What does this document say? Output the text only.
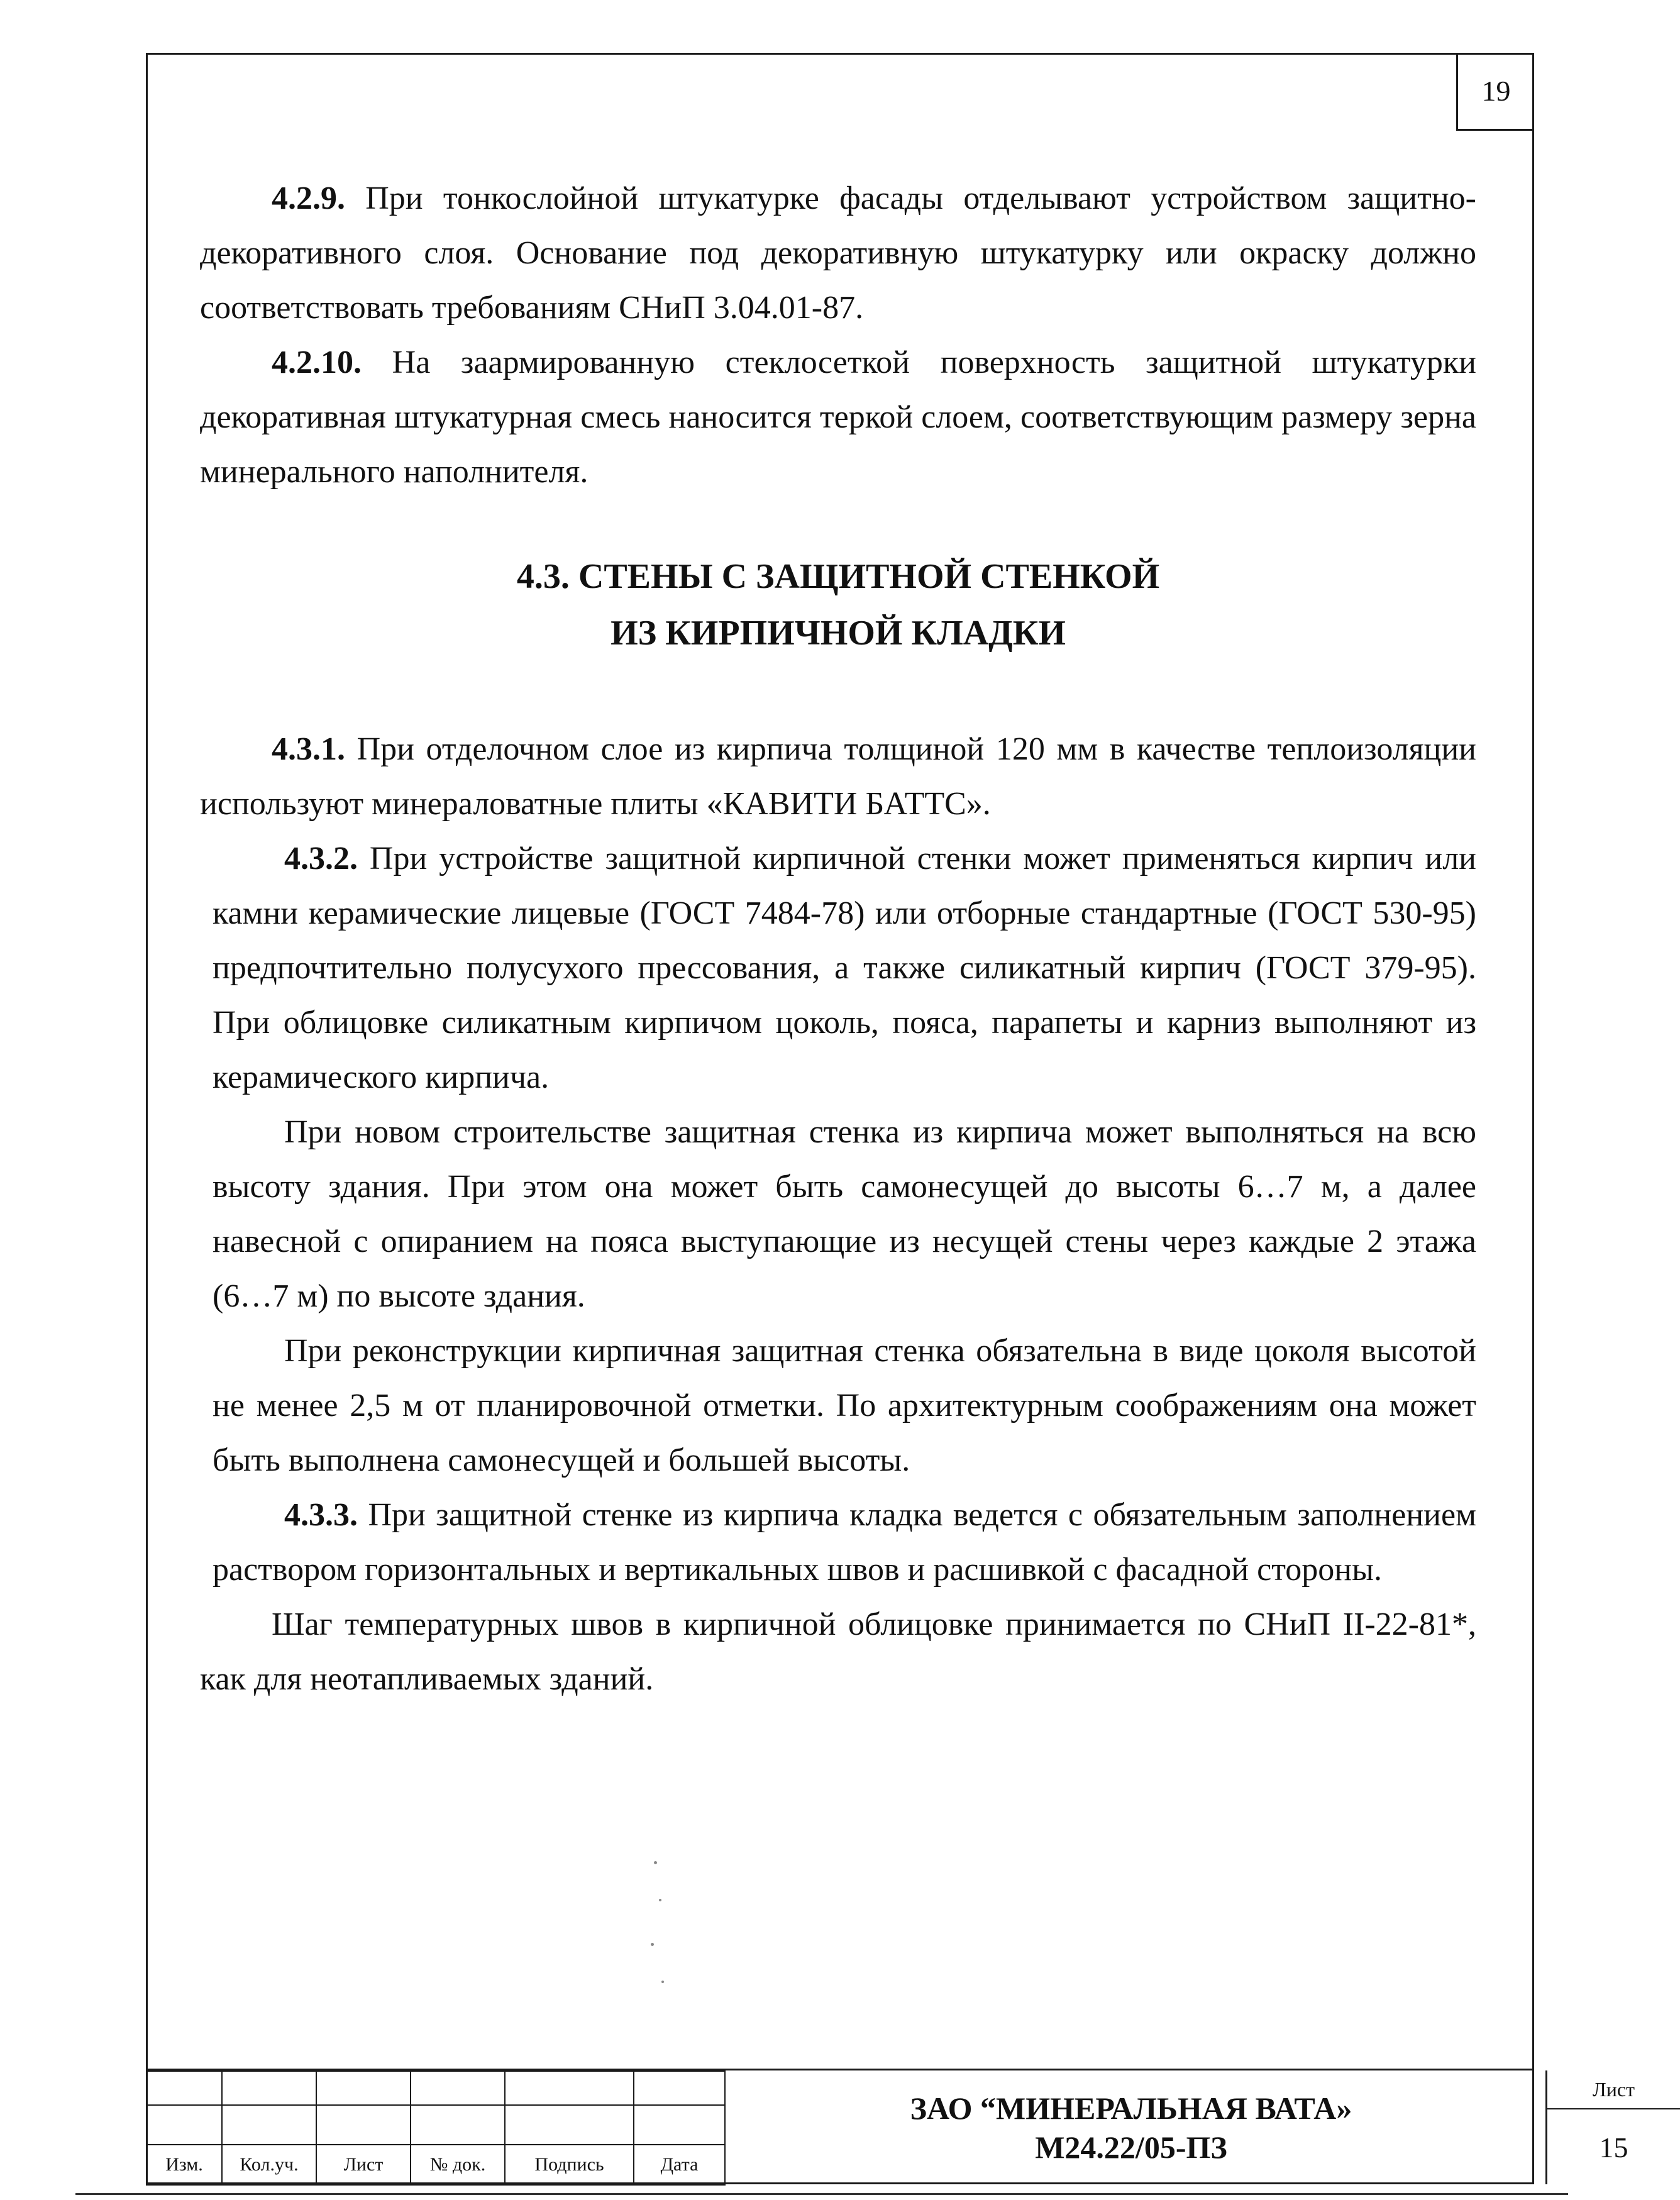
19

4.2.9. При тонкослойной штукатурке фасады отделывают устройством защитно-декоративного слоя. Основание под декоративную штукатурку или окраску должно соответствовать требованиям СНиП 3.04.01-87.

4.2.10. На заармированную стеклосеткой поверхность защитной штукатурки декоративная штукатурная смесь наносится теркой слоем, соответствующим размеру зерна минерального наполнителя.

4.3. СТЕНЫ С ЗАЩИТНОЙ СТЕНКОЙ
ИЗ КИРПИЧНОЙ КЛАДКИ

4.3.1. При отделочном слое из кирпича толщиной 120 мм в качестве теплоизоляции используют минераловатные плиты «КАВИТИ БАТТС».

4.3.2. При устройстве защитной кирпичной стенки может применяться кирпич или камни керамические лицевые (ГОСТ 7484-78) или отборные стандартные (ГОСТ 530-95) предпочтительно полусухого прессования, а также силикатный кирпич (ГОСТ 379-95). При облицовке силикатным кирпичом цоколь, пояса, парапеты и карниз выполняют из керамического кирпича.

При новом строительстве защитная стенка из кирпича может выполняться на всю высоту здания. При этом она может быть самонесущей до высоты 6…7 м, а далее навесной с опиранием на пояса выступающие из несущей стены через каждые 2 этажа (6…7 м) по высоте здания.

При реконструкции кирпичная защитная стенка обязательна в виде цоколя высотой не менее 2,5 м от планировочной отметки. По архитектурным соображениям она может быть выполнена самонесущей и большей высоты.

4.3.3. При защитной стенке из кирпича кладка ведется с обязательным заполнением раствором горизонтальных и вертикальных швов и расшивкой с фасадной стороны.

Шаг температурных швов в кирпичной облицовке принимается по СНиП II-22-81*, как для неотапливаемых зданий.

Изм.	Кол.уч.	Лист	№ док.	Подпись	Дата
ЗАО “МИНЕРАЛЬНАЯ ВАТА»
М24.22/05-ПЗ
Лист
15
